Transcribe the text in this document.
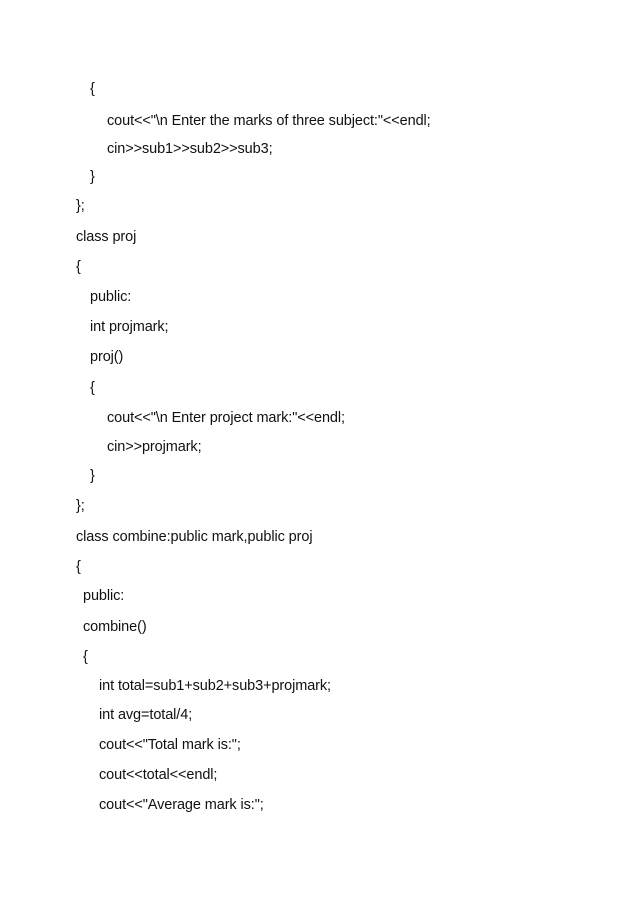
{
cout<<"\n Enter the marks of three subject:"<<endl;
cin>>sub1>>sub2>>sub3;
}
};
class proj
{
public:
int projmark;
proj()
{
cout<<"\n Enter project mark:"<<endl;
cin>>projmark;
}
};
class combine:public mark,public proj
{
public:
combine()
{
int total=sub1+sub2+sub3+projmark;
int avg=total/4;
cout<<"Total mark is:";
cout<<total<<endl;
cout<<"Average mark is:";
